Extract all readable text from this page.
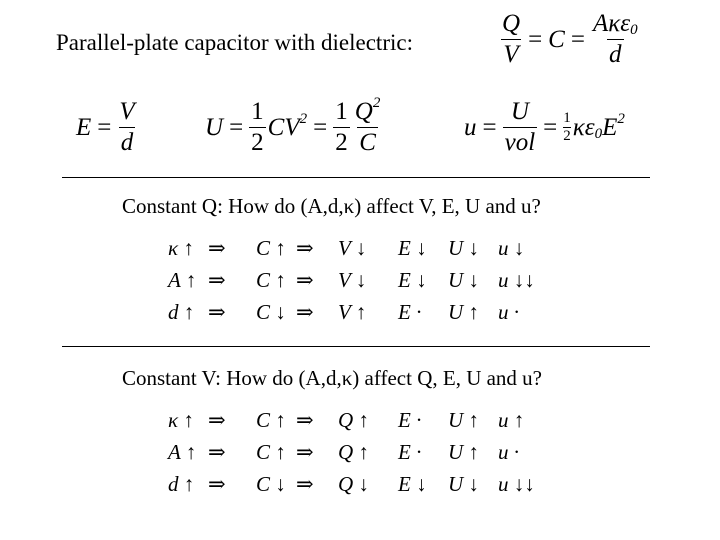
Parallel-plate capacitor with dielectric:	$\frac{Q}{V} = C = \frac{A\kappa\varepsilon_0}{d}$
$E = \frac{V}{d}$	$U = \frac{1}{2} CV^2 = \frac{1}{2} \frac{Q^2}{C}$	$u = \frac{U}{\text{vol}} = \frac{1}{2} \kappa\varepsilon_0E^2$
Constant Q: How do (A,d,κ) affect V, E, U and u?
κ ↑ ⇒ C ↑ ⇒ V ↓ E ↓ U ↓ u ↓
A ↑ ⇒ C ↑ ⇒ V ↓ E ↓ U ↓ u ↓↓
d ↑ ⇒ C ↓ ⇒ V ↑ E · U ↑ u ·
Constant V: How do (A,d,κ) affect Q, E, U and u?
κ ↑ ⇒ C ↑ ⇒ Q ↑ E · U ↑ u ↑
A ↑ ⇒ C ↑ ⇒ Q ↑ E · U ↑ u ·
d ↑ ⇒ C ↓ ⇒ Q ↓ E ↓ U ↓ u ↓↓
